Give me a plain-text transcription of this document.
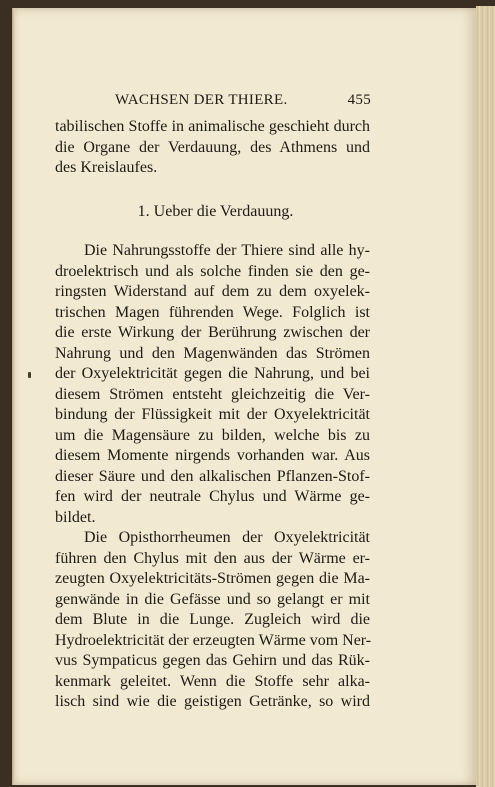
WACHSEN DER THIERE.	455
tabilischen Stoffe in animalische geschieht durch
die Organe der Verdauung, des Athmens und
des Kreislaufes.
1. Ueber die Verdauung.
Die Nahrungsstoffe der Thiere sind alle hy-
droelektrisch und als solche finden sie den ge-
ringsten Widerstand auf dem zu dem oxyelek-
trischen Magen führenden Wege. Folglich ist
die erste Wirkung der Berührung zwischen der
Nahrung und den Magenwänden das Strömen
der Oxyelektricität gegen die Nahrung, und bei
diesem Strömen entsteht gleichzeitig die Ver-
bindung der Flüssigkeit mit der Oxyelektricität
um die Magensäure zu bilden, welche bis zu
diesem Momente nirgends vorhanden war. Aus
dieser Säure und den alkalischen Pflanzen-Stof-
fen wird der neutrale Chylus und Wärme ge-
bildet.
Die Opisthorrheumen der Oxyelektricität
führen den Chylus mit den aus der Wärme er-
zeugten Oxyelektricitäts-Strömen gegen die Ma-
genwände in die Gefässe und so gelangt er mit
dem Blute in die Lunge. Zugleich wird die
Hydroelektricität der erzeugten Wärme vom Ner-
vus Sympaticus gegen das Gehirn und das Rük-
kenmark geleitet. Wenn die Stoffe sehr alka-
lisch sind wie die geistigen Getränke, so wird
